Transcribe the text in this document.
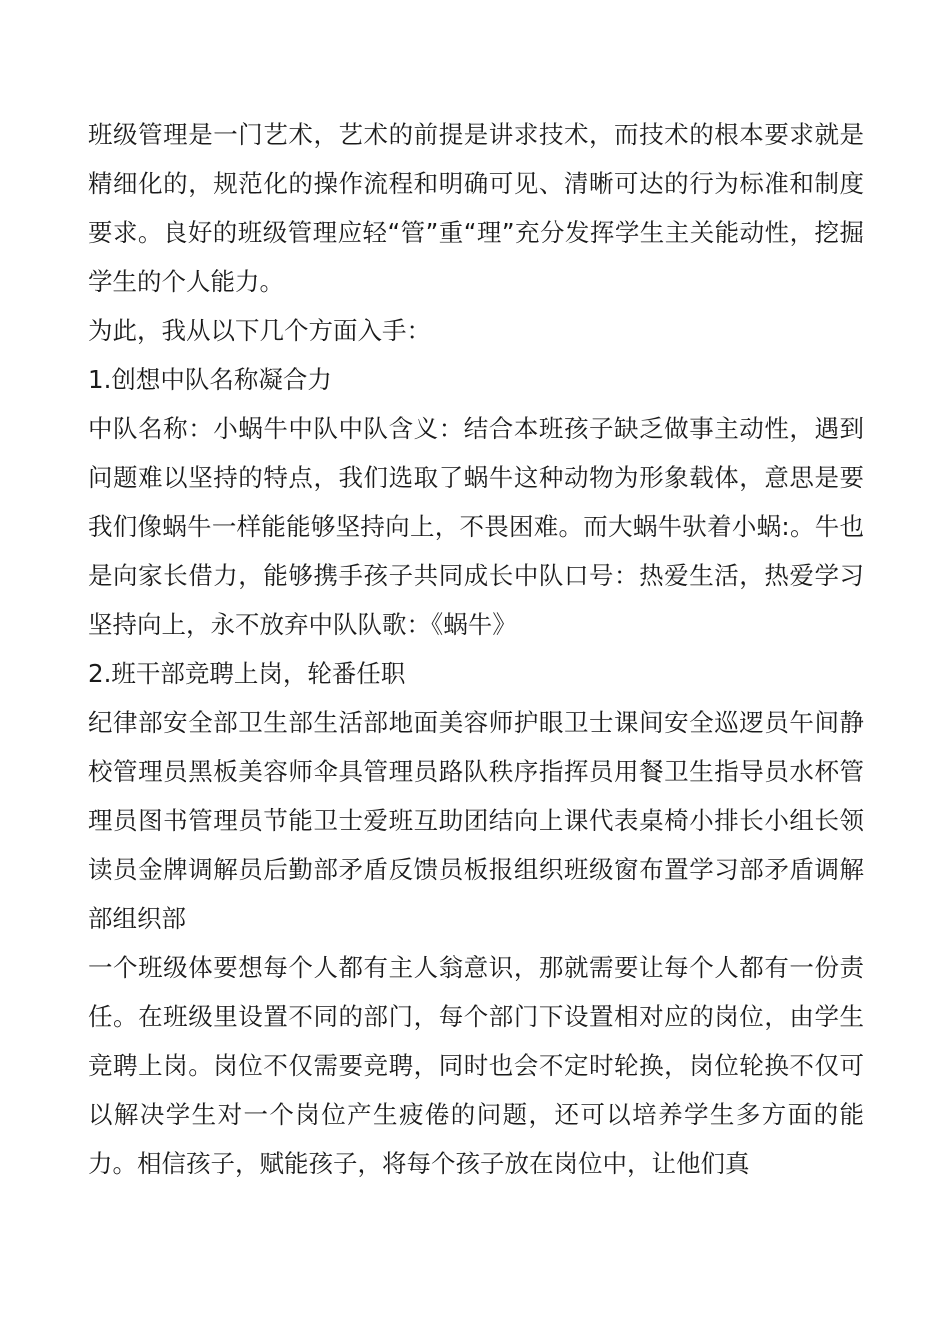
班级管理是一门艺术，艺术的前提是讲求技术，而技术的根本要求就是精细化的，规范化的操作流程和明确可见、清晰可达的行为标准和制度要求。良好的班级管理应轻“管”重“理”充分发挥学生主关能动性，挖掘学生的个人能力。

为此，我从以下几个方面入手：

1.创想中队名称凝合力

中队名称：小蜗牛中队中队含义：结合本班孩子缺乏做事主动性，遇到问题难以坚持的特点，我们选取了蜗牛这种动物为形象载体，意思是要我们像蜗牛一样能能够坚持向上，不畏困难。而大蜗牛驮着小蜗:。牛也是向家长借力，能够携手孩子共同成长中队口号：热爱生活，热爱学习坚持向上，永不放弃中队队歌：《蜗牛》

2.班干部竞聘上岗，轮番任职

纪律部安全部卫生部生活部地面美容师护眼卫士课间安全巡逻员午间静校管理员黑板美容师伞具管理员路队秩序指挥员用餐卫生指导员水杯管理员图书管理员节能卫士爱班互助团结向上课代表桌椅小排长小组长领读员金牌调解员后勤部矛盾反馈员板报组织班级窗布置学习部矛盾调解部组织部

一个班级体要想每个人都有主人翁意识，那就需要让每个人都有一份责任。在班级里设置不同的部门，每个部门下设置相对应的岗位，由学生竞聘上岗。岗位不仅需要竞聘，同时也会不定时轮换，岗位轮换不仅可以解决学生对一个岗位产生疲倦的问题，还可以培养学生多方面的能力。相信孩子，赋能孩子，将每个孩子放在岗位中，让他们真
